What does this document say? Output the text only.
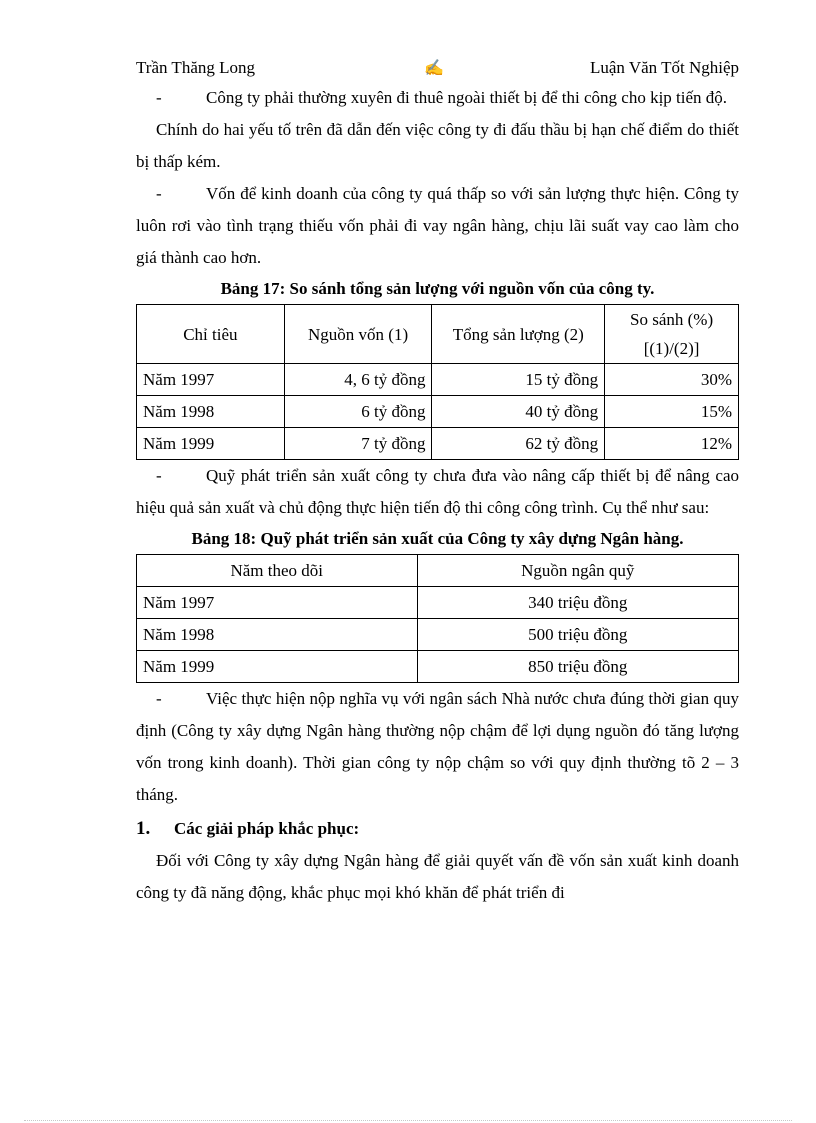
Trần Thăng Long	✍	Luận Văn Tốt Nghiệp

-	Công ty phải thường xuyên đi thuê ngoài thiết bị để thi công cho kịp tiến độ.

Chính do hai yếu tố trên đã dẫn đến việc công ty đi đấu thầu bị hạn chế điểm do thiết bị thấp kém.

-	Vốn để kinh doanh của công ty quá thấp so với sản lượng thực hiện. Công ty luôn rơi vào tình trạng thiếu vốn phải đi vay ngân hàng, chịu lãi suất vay cao làm cho giá thành cao hơn.

Bảng 17: So sánh tổng sản lượng với nguồn vốn của công ty.

Chỉ tiêu	Nguồn vốn (1)	Tổng sản lượng (2)	So sánh (%)
[(1)/(2)]
Năm 1997	4, 6 tỷ đồng	15 tỷ đồng	30%
Năm 1998	6 tỷ đồng	40 tỷ đồng	15%
Năm 1999	7 tỷ đồng	62 tỷ đồng	12%

-	Quỹ phát triển sản xuất công ty chưa đưa vào nâng cấp thiết bị để nâng cao hiệu quả sản xuất và chủ động thực hiện tiến độ thi công công trình. Cụ thể như sau:

Bảng 18: Quỹ phát triển sản xuất của Công ty xây dựng Ngân hàng.

Năm theo dõi	Nguồn ngân quỹ
Năm 1997	340 triệu đồng
Năm 1998	500 triệu đồng
Năm 1999	850 triệu đồng

-	Việc thực hiện nộp nghĩa vụ với ngân sách Nhà nước chưa đúng thời gian quy định (Công ty xây dựng Ngân hàng thường nộp chậm để lợi dụng nguồn đó tăng lượng vốn trong kinh doanh). Thời gian công ty nộp chậm so với quy định thường tõ 2 – 3 tháng.

1. Các giải pháp khắc phục:

Đối với Công ty xây dựng Ngân hàng để giải quyết vấn đề vốn sản xuất kinh doanh công ty đã năng động, khắc phục mọi khó khăn để phát triển đi
